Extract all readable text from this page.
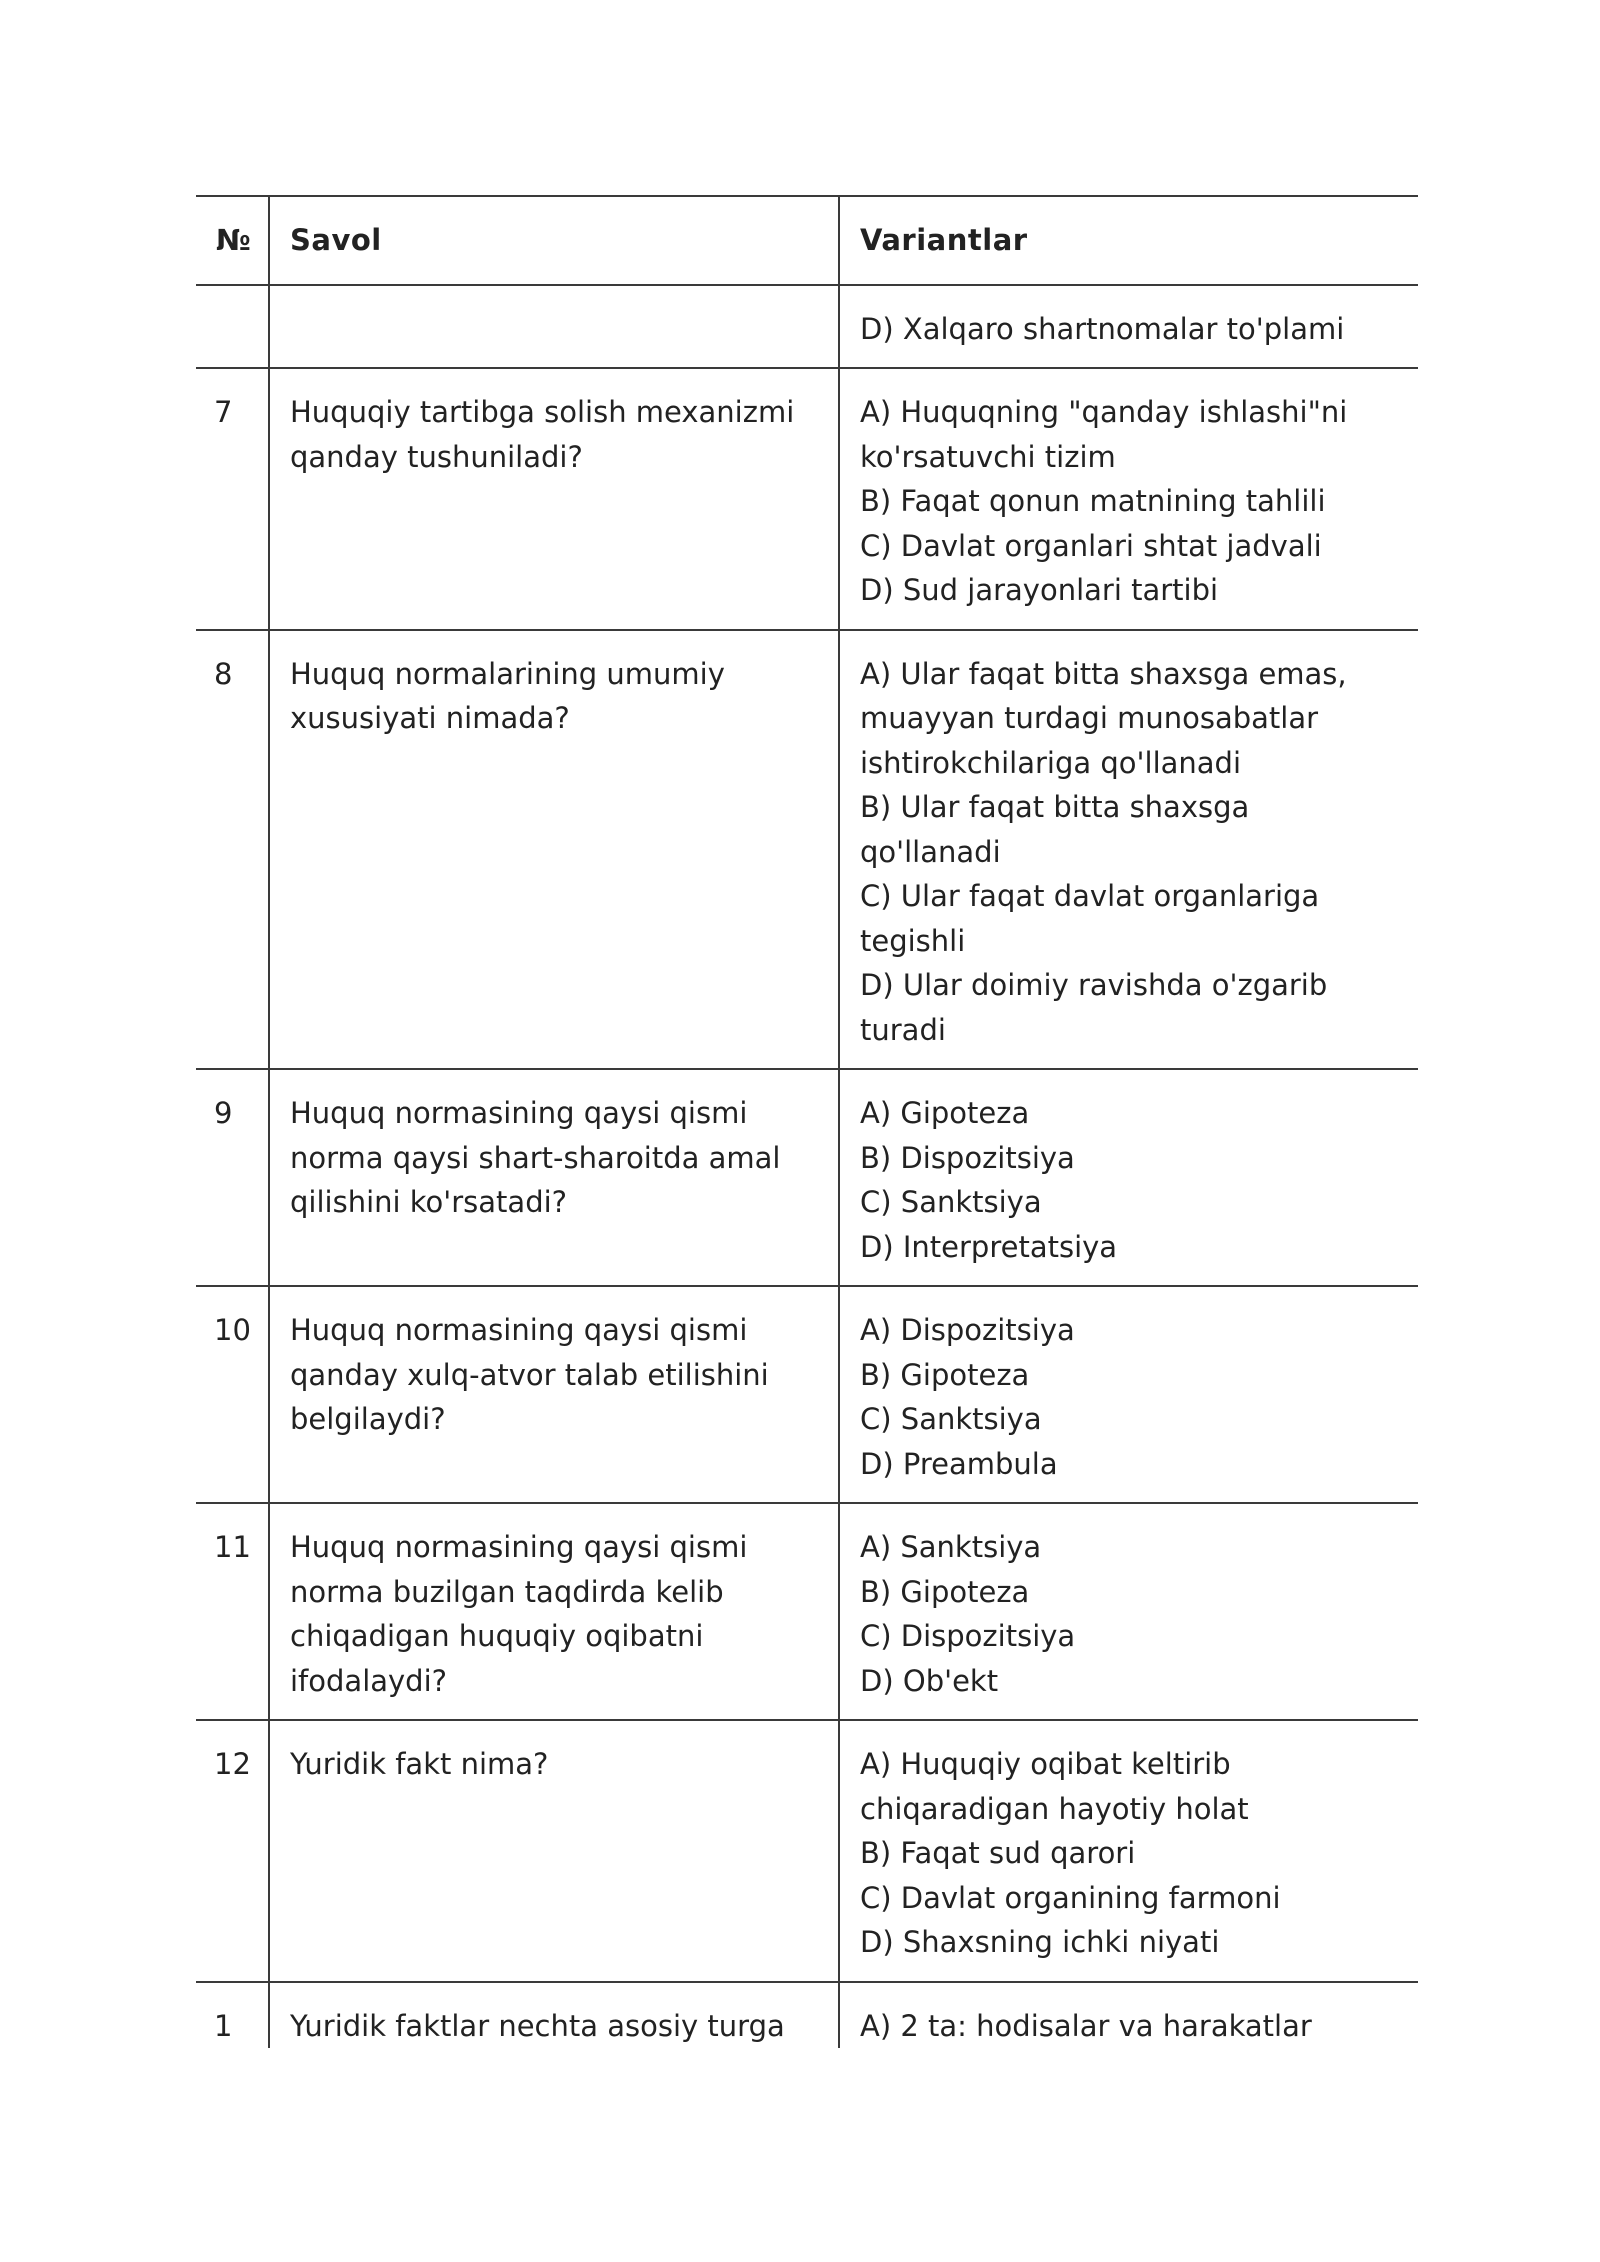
№	Savol	Variantlar

		D) Xalqaro shartnomalar to'plami

7	Huquqiy tartibga solish mexanizmi qanday tushuniladi?	A) Huquqning "qanday ishlashi"ni ko'rsatuvchi tizim
B) Faqat qonun matnining tahlili
C) Davlat organlari shtat jadvali
D) Sud jarayonlari tartibi

8	Huquq normalarining umumiy xususiyati nimada?	A) Ular faqat bitta shaxsga emas, muayyan turdagi munosabatlar ishtirokchilariga qo'llanadi
B) Ular faqat bitta shaxsga qo'llanadi
C) Ular faqat davlat organlariga tegishli
D) Ular doimiy ravishda o'zgarib turadi

9	Huquq normasining qaysi qismi norma qaysi shart-sharoitda amal qilishini ko'rsatadi?	A) Gipoteza
B) Dispozitsiya
C) Sanktsiya
D) Interpretatsiya

10	Huquq normasining qaysi qismi qanday xulq-atvor talab etilishini belgilaydi?	A) Dispozitsiya
B) Gipoteza
C) Sanktsiya
D) Preambula

11	Huquq normasining qaysi qismi norma buzilgan taqdirda kelib chiqadigan huquqiy oqibatni ifodalaydi?	A) Sanktsiya
B) Gipoteza
C) Dispozitsiya
D) Ob'ekt

12	Yuridik fakt nima?	A) Huquqiy oqibat keltirib chiqaradigan hayotiy holat
B) Faqat sud qarori
C) Davlat organining farmoni
D) Shaxsning ichki niyati

1	Yuridik faktlar nechta asosiy turga	A) 2 ta: hodisalar va harakatlar
